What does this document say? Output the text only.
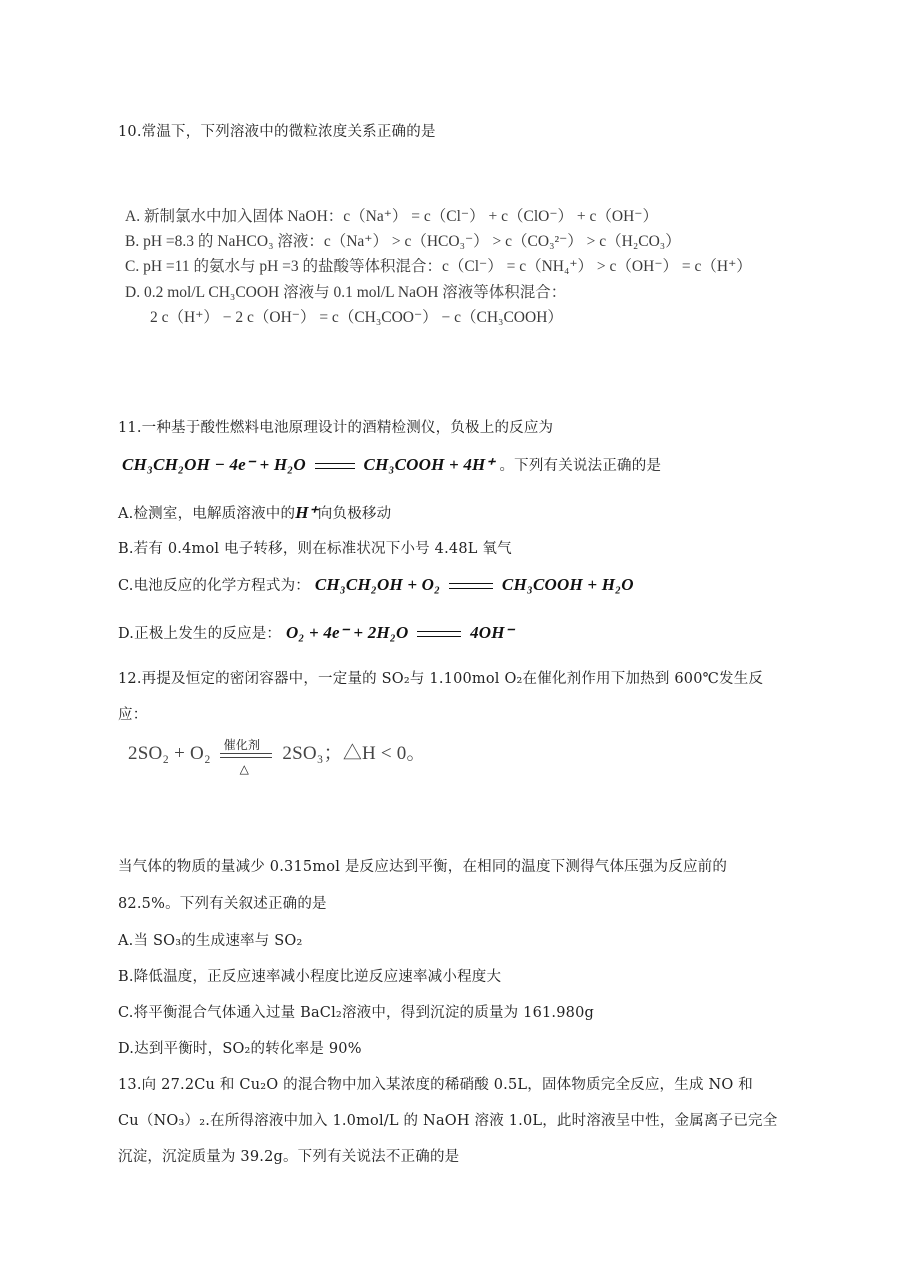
10.常温下，下列溶液中的微粒浓度关系正确的是
A. 新制氯水中加入固体 NaOH：c（Na⁺） = c（Cl⁻） + c（ClO⁻） + c（OH⁻）
B. pH =8.3 的 NaHCO₃ 溶液：c（Na⁺） > c（HCO₃⁻） > c（CO₃²⁻） > c（H₂CO₃）
C. pH =11 的氨水与 pH =3 的盐酸等体积混合：c（Cl⁻） = c（NH₄⁺） > c（OH⁻） = c（H⁺）
D. 0.2 mol/L CH₃COOH 溶液与 0.1 mol/L NaOH 溶液等体积混合：
2 c（H⁺） − 2 c（OH⁻） = c（CH₃COO⁻） − c（CH₃COOH）
11.一种基于酸性燃料电池原理设计的酒精检测仪，负极上的反应为
CH₃CH₂OH − 4e⁻ + H₂O	CH₃COOH + 4H⁺ 。下列有关说法正确的是
A.检测室，电解质溶液中的H⁺向负极移动
B.若有 0.4mol 电子转移，则在标准状况下小号 4.48L 氧气
C.电池反应的化学方程式为： CH₃CH₂OH + O₂	CH₃COOH + H₂O
D.正极上发生的反应是： O₂ + 4e⁻ + 2H₂O	4OH⁻
12.再提及恒定的密闭容器中，一定量的 SO₂与 1.100mol O₂在催化剂作用下加热到 600℃发生反
应：
2SO₂ + O₂ 催化剂
△
2SO₃；△H < 0。
当气体的物质的量减少 0.315mol 是反应达到平衡，在相同的温度下测得气体压强为反应前的
82.5%。下列有关叙述正确的是
A.当 SO₃的生成速率与 SO₂
B.降低温度，正反应速率减小程度比逆反应速率减小程度大
C.将平衡混合气体通入过量 BaCl₂溶液中，得到沉淀的质量为 161.980g
D.达到平衡时，SO₂的转化率是 90%
13.向 27.2Cu 和 Cu₂O 的混合物中加入某浓度的稀硝酸 0.5L，固体物质完全反应，生成 NO 和
Cu（NO₃）₂.在所得溶液中加入 1.0mol/L 的 NaOH 溶液 1.0L，此时溶液呈中性，金属离子已完全
沉淀，沉淀质量为 39.2g。下列有关说法不正确的是
